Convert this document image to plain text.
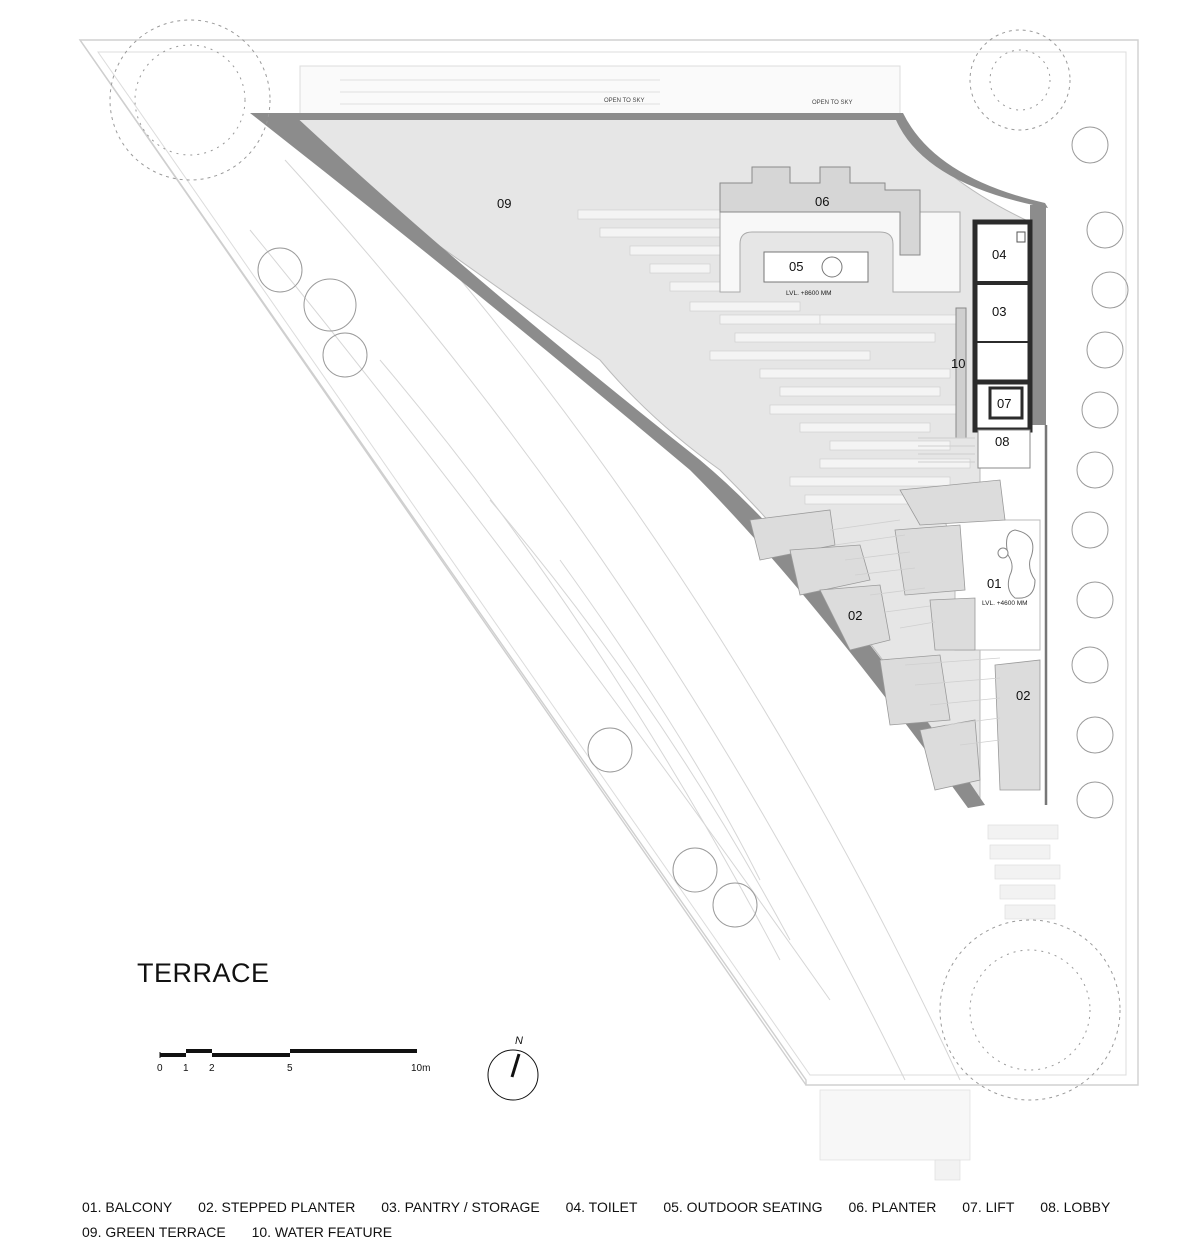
OPEN TO SKY	OPEN TO SKY
09	06
05
LVL. +8600 MM
04
03
10
07
08
01
LVL. +4600 MM
02
02
0 1 2	5	10m
N
TERRACE
01. BALCONY 02. STEPPED PLANTER 03. PANTRY / STORAGE 04. TOILET 05. OUTDOOR SEATING 06. PLANTER 07. LIFT 08. LOBBY
09. GREEN TERRACE 10. WATER FEATURE
